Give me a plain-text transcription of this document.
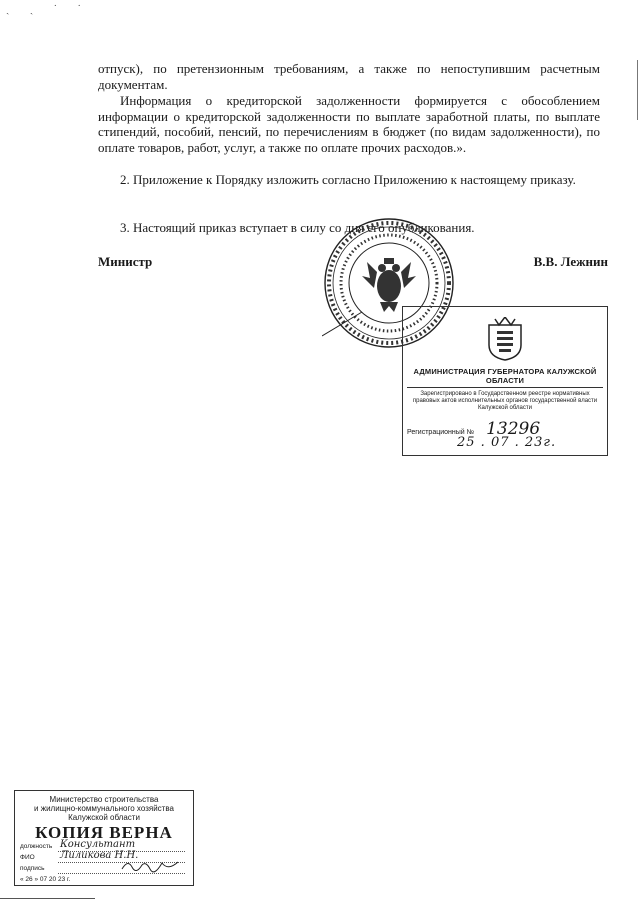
ˏ ˏ ˙ ˙
отпуск), по претензионным требованиям, а также по непоступившим расчетным документам.
Информация о кредиторской задолженности формируется с обособлением информации о кредиторской задолженности по выплате заработной платы, по выплате стипендий, пособий, пенсий, по перечислениям в бюджет (по видам задолженности), по оплате товаров, работ, услуг, а также по оплате прочих расходов.».
2. Приложение к Порядку изложить согласно Приложению к настоящему приказу.
3. Настоящий приказ вступает в силу со дня его опубликования.
Министр	В.В. Лежнин
АДМИНИСТРАЦИЯ ГУБЕРНАТОРА КАЛУЖСКОЙ ОБЛАСТИ
Зарегистрировано в Государственном реестре нормативных правовых актов исполнительных органов государственной власти Калужской области
Регистрационный № 13296
25 . 07 . 23г.
Министерство строительства
и жилищно-коммунального хозяйства
Калужской области
КОПИЯ ВЕРНА
должность Консультант
ФИО	Лиликова Н.Н.
подпись
« 26 » 07 20 23 г.
